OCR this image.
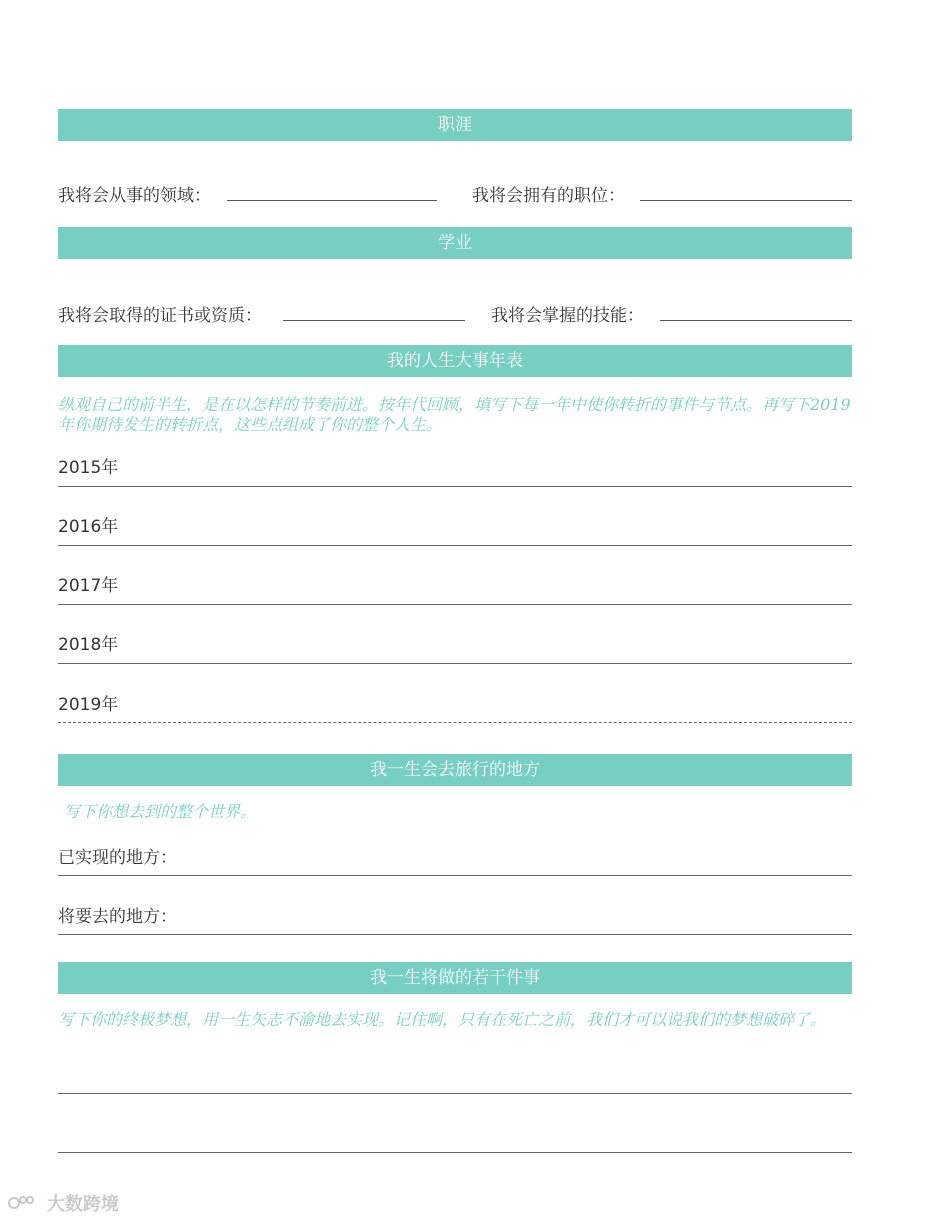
职涯
我将会从事的领域：	我将会拥有的职位：
学业
我将会取得的证书或资质：	我将会掌握的技能：
我的人生大事年表
纵观自己的前半生，是在以怎样的节奏前进。按年代回顾，填写下每一年中使你转折的事件与节点。再写下2019年你期待发生的转折点，这些点组成了你的整个人生。
2015年
2016年
2017年
2018年
2019年
我一生会去旅行的地方
写下你想去到的整个世界。
已实现的地方：
将要去的地方：
我一生将做的若干件事
写下你的终极梦想，用一生矢志不渝地去实现。记住啊，只有在死亡之前，我们才可以说我们的梦想破碎了。
大数跨境
